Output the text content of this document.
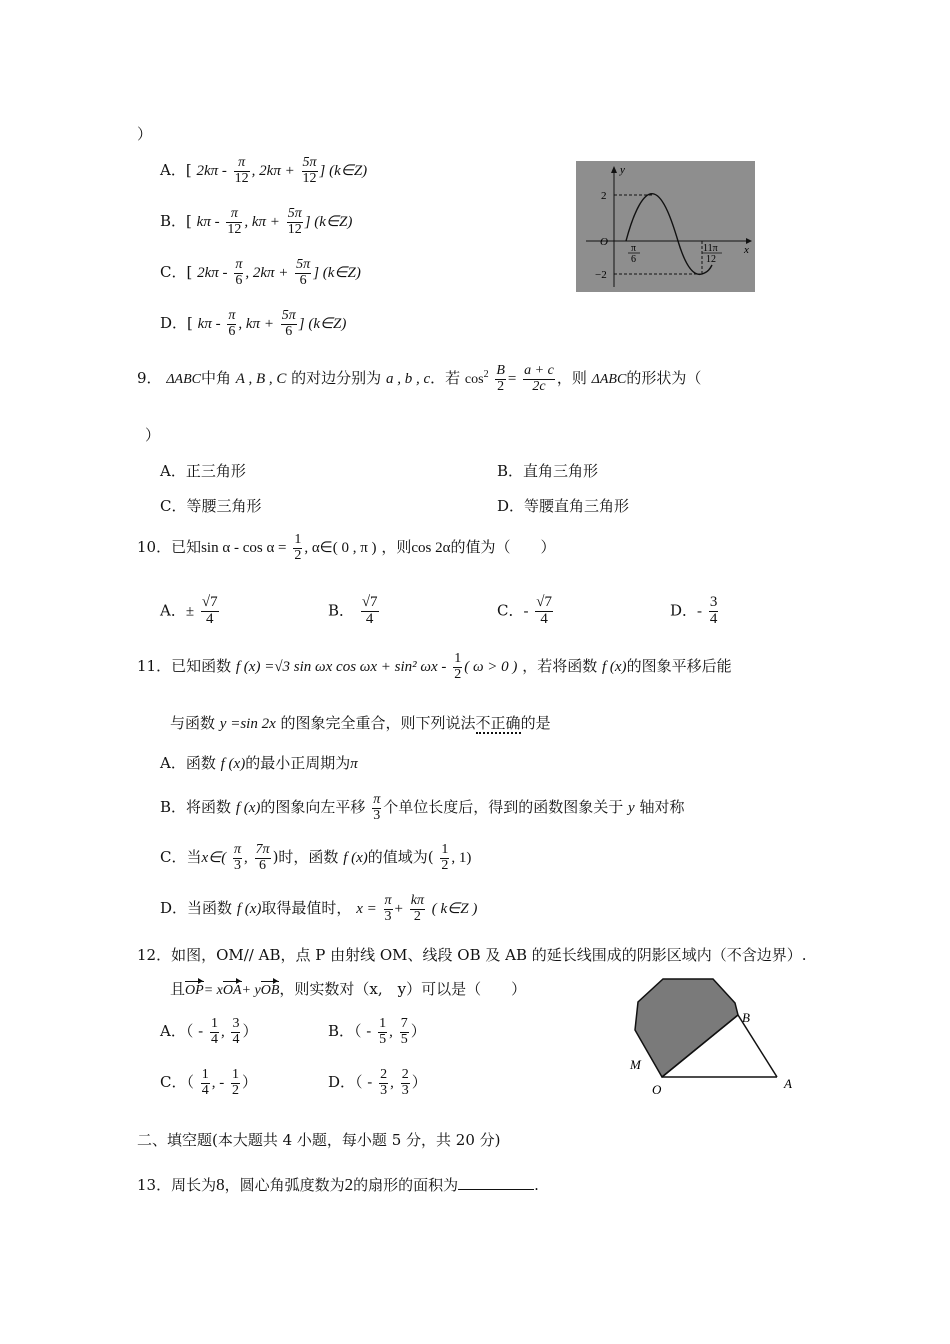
）
A．[ $2k\pi - \frac{\pi}{12}$ , $2k\pi + \frac{5\pi}{12}$ ] (k∈Z)
B．[ kπ - $\frac{\pi}{12}$ , $k\pi + \frac{5\pi}{12}$ ] (k∈Z)
C．[ $2k\pi - \frac{\pi}{6}$ , $2k\pi + \frac{5\pi}{6}$ ] (k∈Z)
D．[ kπ - $\frac{\pi}{6}$ , $k\pi + \frac{5\pi}{6}$ ] (k∈Z)
y
x
O
2
−2
π
6
11π
12
9． ΔABC中角 A , B , C 的对边分别为 a , b , c．若 $\cos^2 \frac{B}{2} = \frac{a + c}{2c}$ ，则 ΔABC的形状为（
）
A．正三角形	B．直角三角形
C．等腰三角形	D．等腰直角三角形
10．已知$\sin \alpha - \cos \alpha = \frac{1}{2}$ , α∈( 0 , π ) ，则cos 2α的值为（　　）
A．± $\frac{√7}{4}$	B． $\frac{√7}{4}$	C．- $\frac{√7}{4}$	D．- $\frac{3}{4}$
11．已知函数 f (x) =√3 sin ωx cos ωx + sin² ωx - $\frac{1}{2}$ ( ω > 0 ) ，若将函数 f (x)的图象平移后能
与函数 y =sin 2x 的图象完全重合，则下列说法不正确的是
A．函数 f (x)的最小正周期为π
B．将函数 f (x)的图象向左平移 $\frac{\pi}{3}$ 个单位长度后，得到的函数图象关于 y 轴对称
C．当x∈( $\frac{\pi}{3}$ , $\frac{7\pi}{6}$ )时，函数 f (x)的值域为( $\frac{1}{2}$ , 1)
D．当函数 f (x)取得最值时， $x = \frac{\pi}{3} + \frac{k\pi}{2}$ ( k∈Z )
12．如图，OM// AB，点 P 由射线 OM、线段 OB 及 AB 的延长线围成的阴影区域内（不含边界）.
且OP= xOA+ yOB，则实数对（x,　y）可以是（　　）
A．（ - $\frac{1}{4}$ , $\frac{3}{4}$ ）	B．（ - $\frac{1}{5}$ , $\frac{7}{5}$ ）
C．（ $\frac{1}{4}$ , - $\frac{1}{2}$ ）	D．（ - $\frac{2}{3}$ , $\frac{2}{3}$ ）
B
M
O	A
二、填空题(本大题共 4 小题，每小题 5 分，共 20 分)
13．周长为8，圆心角弧度数为2的扇形的面积为	.
